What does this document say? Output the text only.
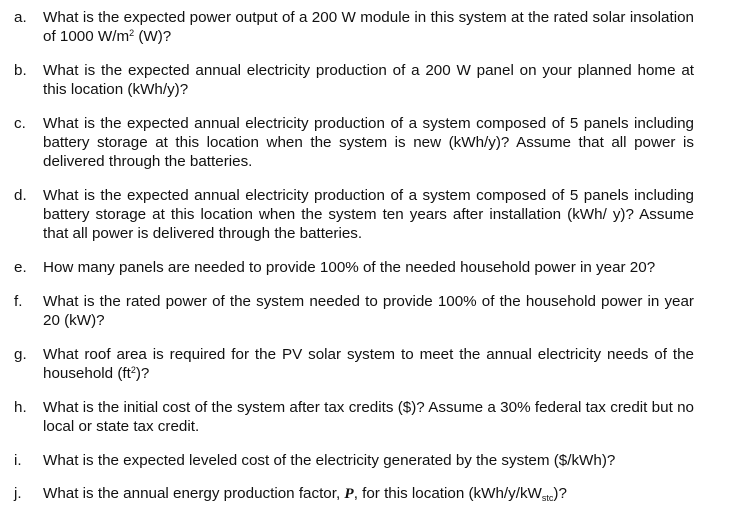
a.	What is the expected power output of a 200 W module in this system at the rated solar insolation of 1000 $W/m^2$ (W)?
b.	What is the expected annual electricity production of a 200 W panel on your planned home at this location (kWh/y)?
c.	What is the expected annual electricity production of a system composed of 5 panels including battery storage at this location when the system is new (kWh/y)? Assume that all power is delivered through the batteries.
d.	What is the expected annual electricity production of a system composed of 5 panels including battery storage at this location when the system ten years after installation (kWh/ y)? Assume that all power is delivered through the batteries.
e.	How many panels are needed to provide 100% of the needed household power in year 20?
f.	What is the rated power of the system needed to provide 100% of the household power in year 20 (kW)?
g.	What roof area is required for the PV solar system to meet the annual electricity needs of the household $(ft^2)$?
h.	What is the initial cost of the system after tax credits ($)? Assume a 30% federal tax credit but no local or state tax credit.
i.	What is the expected leveled cost of the electricity generated by the system ($/kWh)?
j.	What is the annual energy production factor, P, for this location $(kWh/y/kW_{stc})$?
